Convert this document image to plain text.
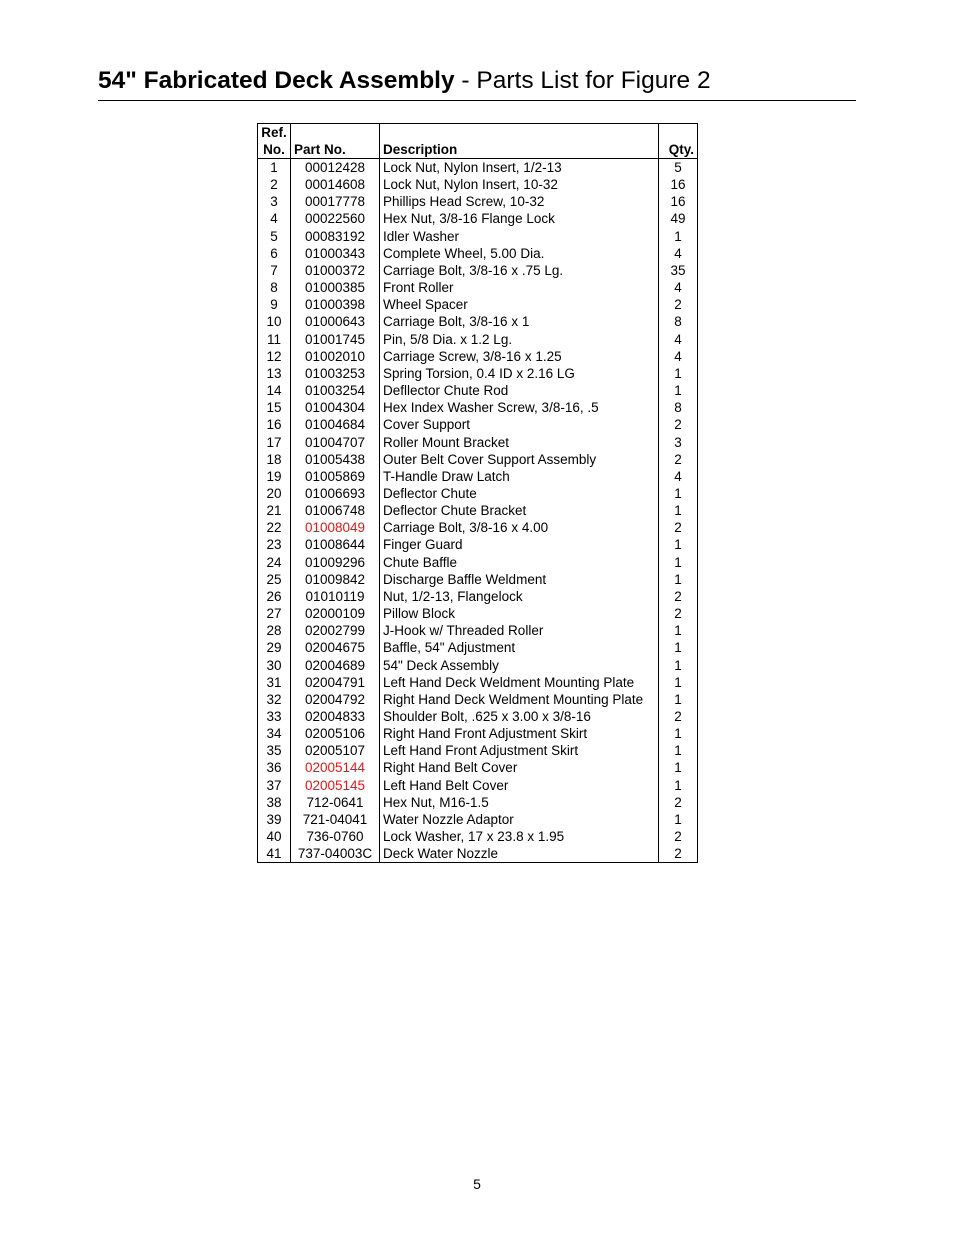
54" Fabricated Deck Assembly - Parts List for Figure 2
Ref.
No.	Part No.	Description	Qty.
1	00012428	Lock Nut, Nylon Insert, 1/2-13	5
2	00014608	Lock Nut, Nylon Insert, 10-32	16
3	00017778	Phillips Head Screw, 10-32	16
4	00022560	Hex Nut, 3/8-16 Flange Lock	49
5	00083192	Idler Washer	1
6	01000343	Complete Wheel, 5.00 Dia.	4
7	01000372	Carriage Bolt, 3/8-16 x .75 Lg.	35
8	01000385	Front Roller	4
9	01000398	Wheel Spacer	2
10	01000643	Carriage Bolt, 3/8-16 x 1	8
11	01001745	Pin, 5/8 Dia. x 1.2 Lg.	4
12	01002010	Carriage Screw, 3/8-16 x 1.25	4
13	01003253	Spring Torsion, 0.4 ID x 2.16 LG	1
14	01003254	Defllector Chute Rod	1
15	01004304	Hex Index Washer Screw, 3/8-16, .5	8
16	01004684	Cover Support	2
17	01004707	Roller Mount Bracket	3
18	01005438	Outer Belt Cover Support Assembly	2
19	01005869	T-Handle Draw Latch	4
20	01006693	Deflector Chute	1
21	01006748	Deflector Chute Bracket	1
22	01008049	Carriage Bolt, 3/8-16 x 4.00	2
23	01008644	Finger Guard	1
24	01009296	Chute Baffle	1
25	01009842	Discharge Baffle Weldment	1
26	01010119	Nut, 1/2-13, Flangelock	2
27	02000109	Pillow Block	2
28	02002799	J-Hook w/ Threaded Roller	1
29	02004675	Baffle, 54" Adjustment	1
30	02004689	54" Deck Assembly	1
31	02004791	Left Hand Deck Weldment Mounting Plate	1
32	02004792	Right Hand Deck Weldment Mounting Plate	1
33	02004833	Shoulder Bolt, .625 x 3.00 x 3/8-16	2
34	02005106	Right Hand Front Adjustment Skirt	1
35	02005107	Left Hand Front Adjustment Skirt	1
36	02005144	Right Hand Belt Cover	1
37	02005145	Left Hand Belt Cover	1
38	712-0641	Hex Nut, M16-1.5	2
39	721-04041	Water Nozzle Adaptor	1
40	736-0760	Lock Washer, 17 x 23.8 x 1.95	2
41	737-04003C	Deck Water Nozzle	2
5
